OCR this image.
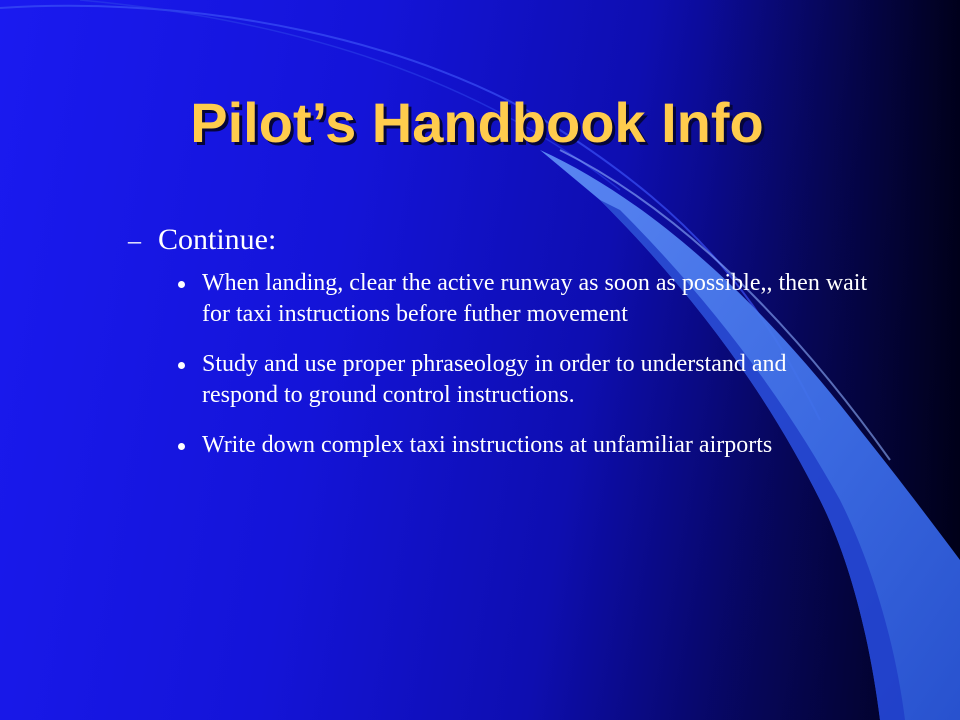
Pilot’s Handbook Info
– Continue:
When landing, clear the active runway as soon as possible,, then wait for taxi instructions before futher movement
Study and use proper phraseology in order to understand and respond to ground control instructions.
Write down complex taxi instructions at unfamiliar airports
